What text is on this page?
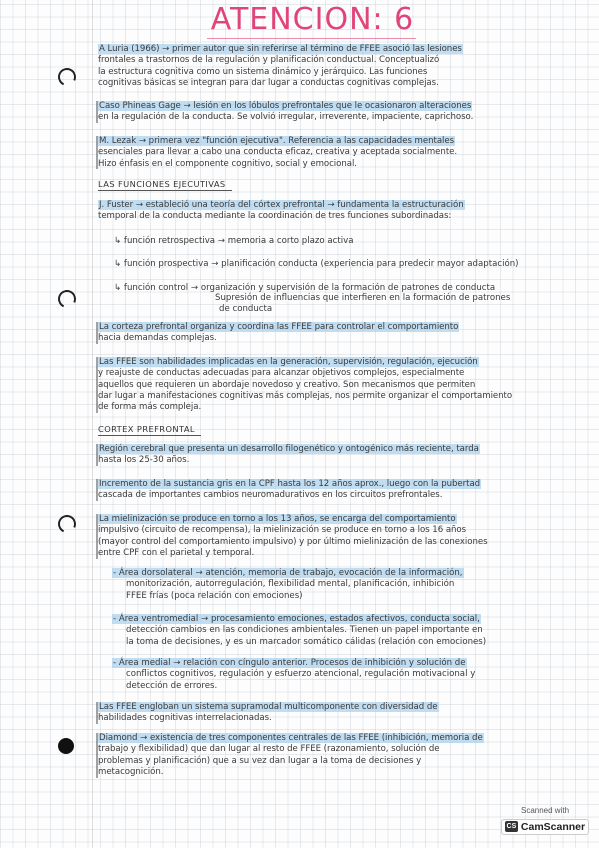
ATENCION: 6

A Luria (1966) → primer autor que sin referirse al término de FFEE asoció las lesiones

frontales a trastornos de la regulación y planificación conductual. Conceptualizó

la estructura cognitiva como un sistema dinámico y jerárquico. Las funciones

cognitivas básicas se integran para dar lugar a conductas cognitivas complejas.

Caso Phineas Gage → lesión en los lóbulos prefrontales que le ocasionaron alteraciones

en la regulación de la conducta. Se volvió irregular, irreverente, impaciente, caprichoso.

M. Lezak → primera vez "función ejecutiva". Referencia a las capacidades mentales

esenciales para llevar a cabo una conducta eficaz, creativa y aceptada socialmente.

Hizo énfasis en el componente cognitivo, social y emocional.

LAS FUNCIONES EJECUTIVAS

J. Fuster → estableció una teoría del córtex prefrontal → fundamenta la estructuración

temporal de la conducta mediante la coordinación de tres funciones subordinadas:

↳ función retrospectiva → memoria a corto plazo activa

↳ función prospectiva → planificación conducta (experiencia para predecir mayor adaptación)

↳ función control → organización y supervisión de la formación de patrones de conducta

Supresión de influencias que interfieren en la formación de patrones

de conducta

La corteza prefrontal organiza y coordina las FFEE para controlar el comportamiento

hacia demandas complejas.

Las FFEE son habilidades implicadas en la generación, supervisión, regulación, ejecución

y reajuste de conductas adecuadas para alcanzar objetivos complejos, especialmente

aquellos que requieren un abordaje novedoso y creativo. Son mecanismos que permiten

dar lugar a manifestaciones cognitivas más complejas, nos permite organizar el comportamiento

de forma más compleja.

CORTEX PREFRONTAL

Región cerebral que presenta un desarrollo filogenético y ontogénico más reciente, tarda

hasta los 25-30 años.

Incremento de la sustancia gris en la CPF hasta los 12 años aprox., luego con la pubertad

cascada de importantes cambios neuromadurativos en los circuitos prefrontales.

La mielinización se produce en torno a los 13 años, se encarga del comportamiento

impulsivo (circuito de recompensa), la mielinización se produce en torno a los 16 años

(mayor control del comportamiento impulsivo) y por último mielinización de las conexiones

entre CPF con el parietal y temporal.

- Área dorsolateral → atención, memoria de trabajo, evocación de la información,

monitorización, autorregulación, flexibilidad mental, planificación, inhibición

FFEE frías (poca relación con emociones)

- Área ventromedial → procesamiento emociones, estados afectivos, conducta social,

detección cambios en las condiciones ambientales. Tienen un papel importante en

la toma de decisiones, y es un marcador somático cálidas (relación con emociones)

- Área medial → relación con cíngulo anterior. Procesos de inhibición y solución de

conflictos cognitivos, regulación y esfuerzo atencional, regulación motivacional y

detección de errores.

Las FFEE engloban un sistema supramodal multicomponente con diversidad de

habilidades cognitivas interrelacionadas.

Diamond → existencia de tres componentes centrales de las FFEE (inhibición, memoria de

trabajo y flexibilidad) que dan lugar al resto de FFEE (razonamiento, solución de

problemas y planificación) que a su vez dan lugar a la toma de decisiones y

metacognición.

Scanned with
CS CamScanner
